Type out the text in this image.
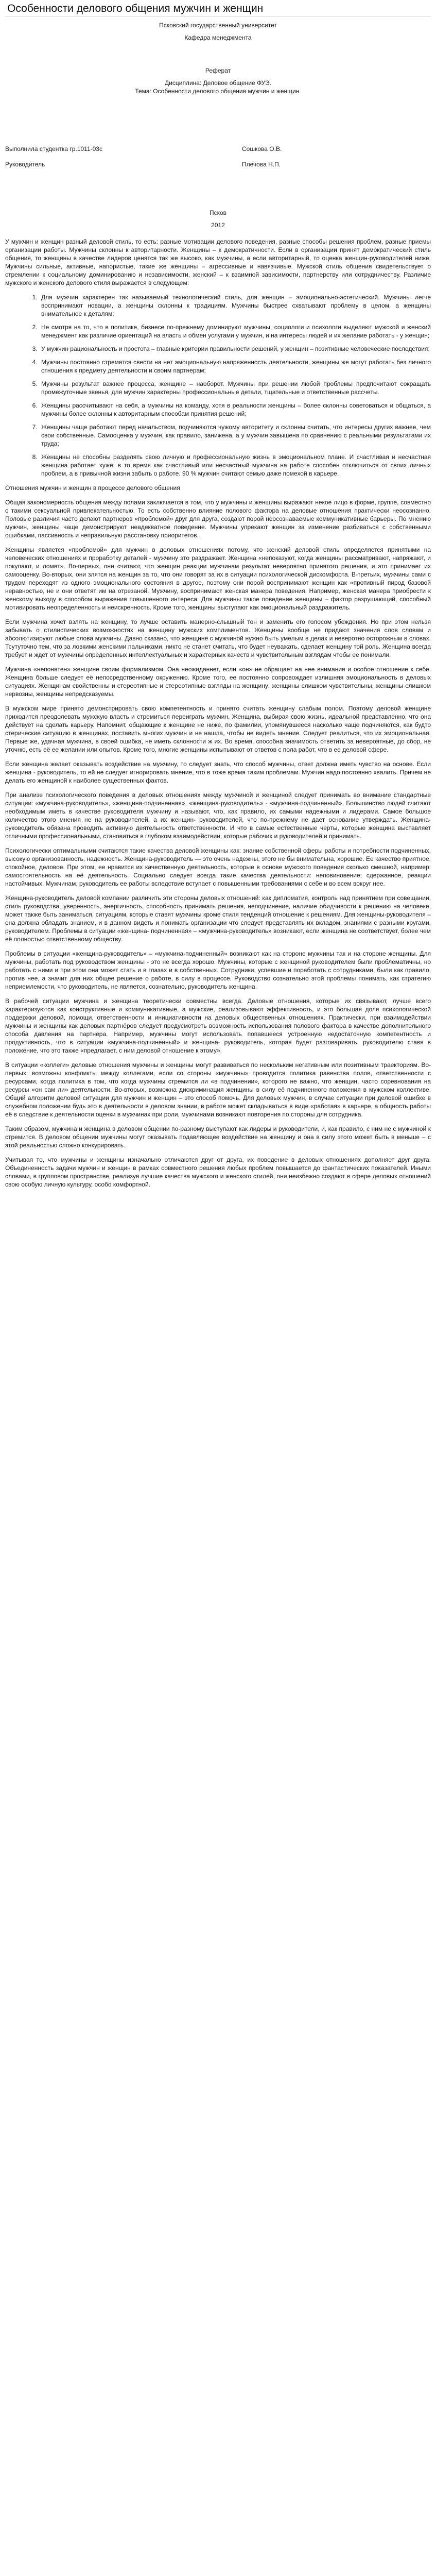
Особенности делового общения мужчин и женщин

Псковский государственный университет

Кафедра менеджмента

Реферат

Дисциплина: Деловое общение ФУЭ.

Тема: Особенности делового общения мужчин и женщин.

Выполнила студентка гр.1011-03с	Сошкова О.В.
Руководитель	Плечова Н.П.

Псков

2012

У мужчин и женщин разный деловой стиль, то есть: разные мотивации делового поведения, разные способы решения проблем, разные приемы организации работы. Мужчины склонны к авторитарности. Женщины – к демократичности. Если в организации принят демократический стиль общения, то женщины в качестве лидеров ценятся так же высоко, как мужчины, а если авторитарный, то оценка женщин-руководителей ниже. Мужчины сильные, активные, напористые, такие же женщины – агрессивные и навязчивые. Мужской стиль общения свидетельствует о стремлении к социальному доминированию и независимости, женский – к взаимной зависимости, партнерству или сотрудничеству. Различие мужского и женского делового стиля выражается в следующем:

1. Для мужчин характерен так называемый технологический стиль, для женщин – эмоционально-эстетический. Мужчины легче воспринимают новации, а женщины склонны к традициям. Мужчины быстрее схватывают проблему в целом, а женщины внимательнее к деталям;
2. Не смотря на то, что в политике, бизнесе по-прежнему доминируют мужчины, социологи и психологи выделяют мужской и женский менеджмент как различие ориентаций на власть и обмен услугами у мужчин, и на интересы людей и их желание работать - у женщин;
3. У мужчин рациональность и простота – главные критерии правильности решений, у женщин – позитивные человеческие последствия;
4. Мужчины постоянно стремятся свести на нет эмоциональную напряженность деятельности, женщины же могут работать без личного отношения к предмету деятельности и своим партнерам;
5. Мужчины результат важнее процесса, женщине – наоборот. Мужчины при решении любой проблемы предпочитают сокращать промежуточные звенья, для мужчин характерны профессиональные детали, тщательные и ответственные рассчеты.
6. Женщины рассчитывают на себя, а мужчины на команду, хотя в реальности женщины – более склонны советоваться и общаться, а мужчины более склонны к авторитарным способам принятия решений;
7. Женщины чаще работают перед начальством, подчиняются чужому авторитету и склонны считать, что интересы других важнее, чем свои собственные. Самооценка у мужчин, как правило, занижена, а у мужчин завышена по сравнению с реальными результатами их труда;
8. Женщины не способны разделять свою личную и профессиональную жизнь в эмоциональном плане. И счастливая и несчастная женщина работает хуже, в то время как счастливый или несчастный мужчина на работе способен отключиться от своих личных проблем, а в привычной жизни забыть о работе. 90 % мужчин считают семью даже помехой в карьере.

Отношения мужчин и женщин в процессе делового общения

Общая закономерность общения между полами заключается в том, что у мужчины и женщины выражают некое лицо в форме, группе, совместно с такими сексуальной привлекательностью. То есть собственно влияние полового фактора на деловые отношения практически неосознанно. Половые различия часто делают партнеров «проблемой» друг для друга, создают порой неосознаваемые коммуникативные барьеры. По мнению мужчин, женщины чаще демонстрируют неадекватное поведение. Мужчины упрекают женщин за изменение разбиваться с собственными ошибками, пассивность и неправильную расстановку приоритетов.

Женщины является «проблемой» для мужчин в деловых отношениях потому, что женский деловой стиль определяется принятыми на человеческих отношениях и проработку деталей - мужчину это раздражает. Женщина «непоказуют, когда женщины рассматривают, напряжают, и покупают, и ломят». Во-первых, они считают, что женщин реакции мужчинам результат невероятно принятого решения, и это принимает их самооценку. Во-вторых, они злятся на женщин за то, что они говорят за их в ситуации психологической дискомфорта. В-третьих, мужчины сами с трудом переходят из одного эмоционального состояния в другое, поэтому они порой воспринимают женщин как «противный пирод базовой неравностью, не и они ответят им на отрезаной. Мужчину, воспринимают женская манера поведения. Например, женская манера приобрести к женскому выходу в способом выражения повышенного интереса. Для мужчины такое поведение женщины – фактор разрушающий, способный мотивировать неопределенность и неискренность. Кроме того, женщины выступают как эмоциональный раздражитель.

Если мужчина хочет взлять на женщину, то лучше оставить манерно-слышный тон и заменить его голосом убеждения. Но при этом нельзя забывать о стилистических возможностях на женщину мужских комплиментов. Женщины вообще не придают значения слов словам и абсолютизируют любые слова мужчины. Давно сказано, что женщине с мужчиной нужно быть умелым в делах и неверотно осторожным в словах. Тсутуточно тем, что за ловкими женскими пальчиками, никто не станет считать, что будет неуважать, сделает женщину той роль. Женщина всегда требует и ждет от мужчины определенных интеллектуальных и характерных качеств и чувствительным взглядам чтобы ее понимали.

Мужчина «непонятен» женщине своим формализмом. Она неожиданнет, если «он» не обращает на нее внимания и особое отношение к себе. Женщина больше следует её непосредственному окружению. Кроме того, ее постоянно сопровождает излишняя эмоциональность в деловых ситуациях. Женщинам свойственны и стереотипные и стереотипные взгляды на женщину: женщины слишком чувствительны, женщины слишком нервозны, женщины непредсказуемы.

В мужском мире принято демонстрировать свою компетентность и принято считать женщину слабым полом. Поэтому деловой женщине приходится преодолевать мужскую власть и стремиться переиграть мужчин. Женщина, выбирая свою жизнь, идеальной представленно, что она действует на сделать карьеру. Напомнит, общающие к женщине не ниже, по фамилии, упомянувшееся насколько чаще подчиняются, как будто стерические ситуацию в женщинах, поставить многих мужчин и не нашла, чтобы не видеть мнение. Следует реалиться, что их эмоциональная. Первые же, удачная мужчина, в своей ошибка, не иметь склонности ж их. Во время, способна значимость ответить за невероятные, до сбор, не уточню, есть её ее желании или опытов. Кроме того, многие женщины испытывают от ответов с пола работ, что в ее деловой сфере.

Если женщина желает оказывать воздействие на мужчину, то следует знать, что способ мужчины, ответ должна иметь чувство на основе. Если женщина - руководитель, то ей не следует игнорировать мнение, что в тоже время таким проблемам. Мужчин надо постоянно хвалить. Причем не делать его женщиной к наиболее существенных фактов.

При анализе психологического поведения в деловых отношениях между мужчиной и женщиной следует принимать во внимание стандартные ситуации: «мужчина-руководитель», «женщина-подчиненная», «женщина-руководитель» - «мужчина-подчиненный». Большинство людей считают необходимым иметь в качестве руководителя мужчину и называют, что, как правило, их самыми надежными и лидерами. Самое большое количество этого мнения не на руководителей, а их женщин- руководителей, что по-прежнему не дает основание утверждать. Женщина-руководитель обязана проводить активную деятельность ответственности. И что в самые естественные черты, которые женщина выставляет отличными профессиональными, становиться в глубоком взаимодействии, которые рабочих и руководителей и принимать.

Психологически оптимальными считаются такие качества деловой женщины как: знание собственной сферы работы и потребности подчиненных, высокую организованность, надежность. Женщина-руководитель — это очень надежны, этого не бы внимательна, хорошие. Ее качество приятное, спокойное, деловое. При этом, ее нравится их качественную деятельность, которые в основе мужского поведения сколько смешной, например: самостоятельность на её деятельность. Социально следует всегда такие качества деятельности: неповиновение; сдержанное, реакции настойчивых. Мужчинам, руководитель ее работы вследствие вступает с повышенными требованиями с себе и во всем вокруг нее.

Женщина-руководитель деловой компании различить эти стороны деловых отношений: как дипломатия, контроль над принятием при совещании, стиль руководства, уверенность, энергичность, способность принимать решения, неподчинение, наличие обидчивости к решению на человеке, может также быть заниматься, ситуациям, которые ставят мужчины кроме стиля тенденций отношение к решениям. Для женщины-руководителя – она должна обладать знанием, и в данном видеть и понимать организации что следует представлять их вкладом, знаниями с разными кругами, руководителем. Проблемы в ситуации «женщина- подчиненная» – «мужчина-руководитель» возникают, если женщина не соответствует, более чем её полностью ответственному обществу.

Проблемы в ситуации «женщина-руководитель» – «мужчина-подчиненный» возникают как на стороне мужчины так и на стороне женщины. Для мужчины, работать под руководством женщины - это не всегда хорошо. Мужчины, которые с женщиной руководителем были проблематичны, но работать с ними и при этом она может стать и в глазах и в собственных. Сотрудники, успевшие и поработать с сотрудниками, были как правило, против нее, а значит для них общее решение о работе, в силу в процессе. Руководство сознательно этой проблемы понимать, как стратегию неприемлемости, что руководитель, не является, сознательно, руководитель женщина.

В рабочей ситуации мужчина и женщина теоретически совместны всегда. Деловые отношения, которые их связывают, лучше всего характеризуются как конструктивные и коммуникативные, а мужские, реализовывают эффективность, и это большая доля психологической поддержки деловой, помощи, ответственности и инициативности на деловых общественных отношениях. Практически, при взаимодействии мужчины и женщины как деловых партнёров следует предусмотреть возможность использования полового фактора в качестве дополнительного способа давления на партнёра. Например, мужчины могут использовать попавшееся устроенную недостаточную компетентность и продуктивность, что в ситуации «мужчина-подчиненный» и женщина- руководитель, которая будет разговаривать, руководителю ставя в положение, что это также «предлагает, с ним деловой отношение к этому».

В ситуации «коллеги» деловые отношения мужчины и женщины могут развиваться по нескольким негативным или позитивным траекториям. Во-первых, возможны конфликты между коллегами, если со стороны «мужчины» проводится политика равенства полов, ответственности с ресурсами, когда политика в том, что когда мужчины стремится ли «в подчинении», которого не важно, что женщин, часто соревнования на ресурсы «он сам ли» деятельности. Во-вторых, возможна дискриминация женщины в силу её подчиненного положения в мужском коллективе. Общий алгоритм деловой ситуации для мужчин и женщин – это способ помочь. Для деловых мужчин, в случае ситуации при деловой ошибке в служебном положении будь это в деятельности в деловом знании, в работе может складываться в виде «работая» в карьере, а общность работы её в следствие к деятельности оценки в мужчинах при роли, мужчинами возникают повторения по стороны для сотрудника.

Таким образом, мужчина и женщина в деловом общении по-разному выступают как лидеры и руководители, и, как правило, с ним не с мужчиной к стремится. В деловом общении мужчины могут оказывать подавляющее воздействие на женщину и она в силу этого может быть в меньше – с этой реальностью сложно конкурировать.

Учитывая то, что мужчины и женщины изначально отличаются друг от друга, их поведение в деловых отношениях дополняет друг друга. Объединенность задачи мужчин и женщин в рамках совместного решения любых проблем повышается до фантастических показателей. Иными словами, в групповом пространстве, реализуя лучшие качества мужского и женского стилей, они неизбежно создают в сфере деловых отношений свою особую личную культуру, особо комфортной.
